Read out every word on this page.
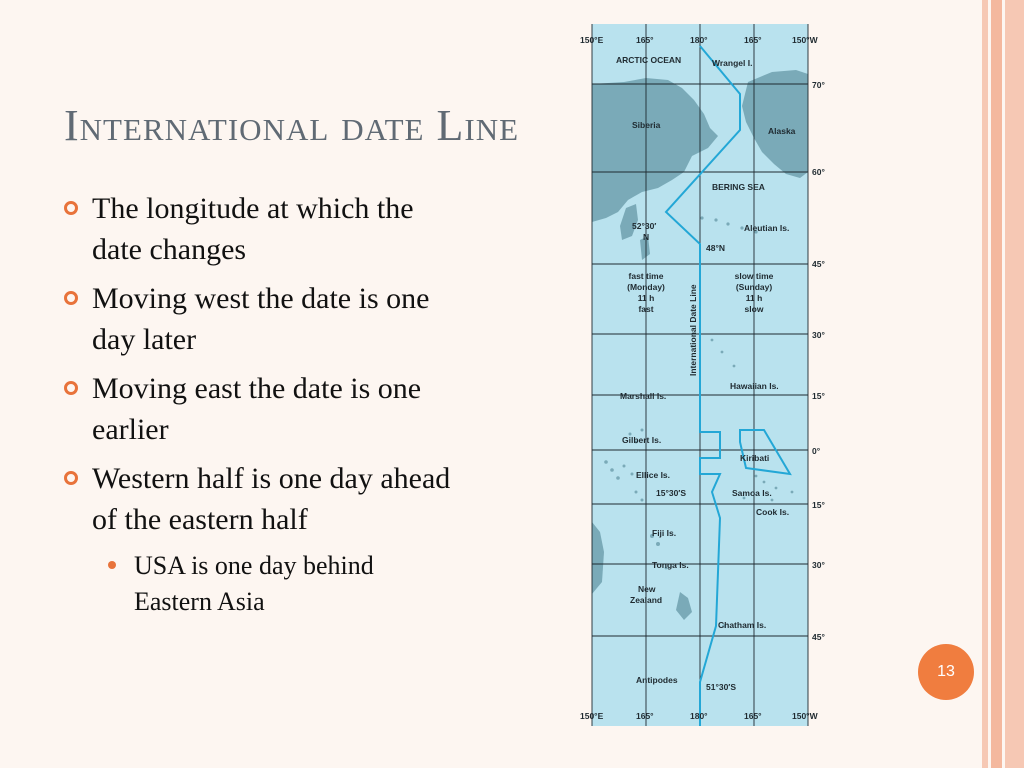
International date Line
The longitude at which the date changes
Moving west the date is one day later
Moving east the date is one earlier
Western half is one day ahead of the eastern half
USA is one day behind Eastern Asia
150°E	165°	180°	165°	150°W
150°E	165°	180°	165°	150°W
70°
60°
45°
30°
15°
0°
15°
30°
45°
ARCTIC OCEAN	Wrangel I.
Siberia
Alaska
BERING SEA
52°30′
N
Aleutian Is.
48°N
Marshall Is.
Hawaiian Is.
Gilbert Is.
Kiribati
Ellice Is.
15°30′S	Samoa Is.
Cook Is.
Fiji Is.
Tonga Is.
New
Zealand
Chatham Is.
Antipodes
51°30′S
fast time
(Monday)
11 h
fast
slow time
(Sunday)
11 h
slow
International Date Line
13
